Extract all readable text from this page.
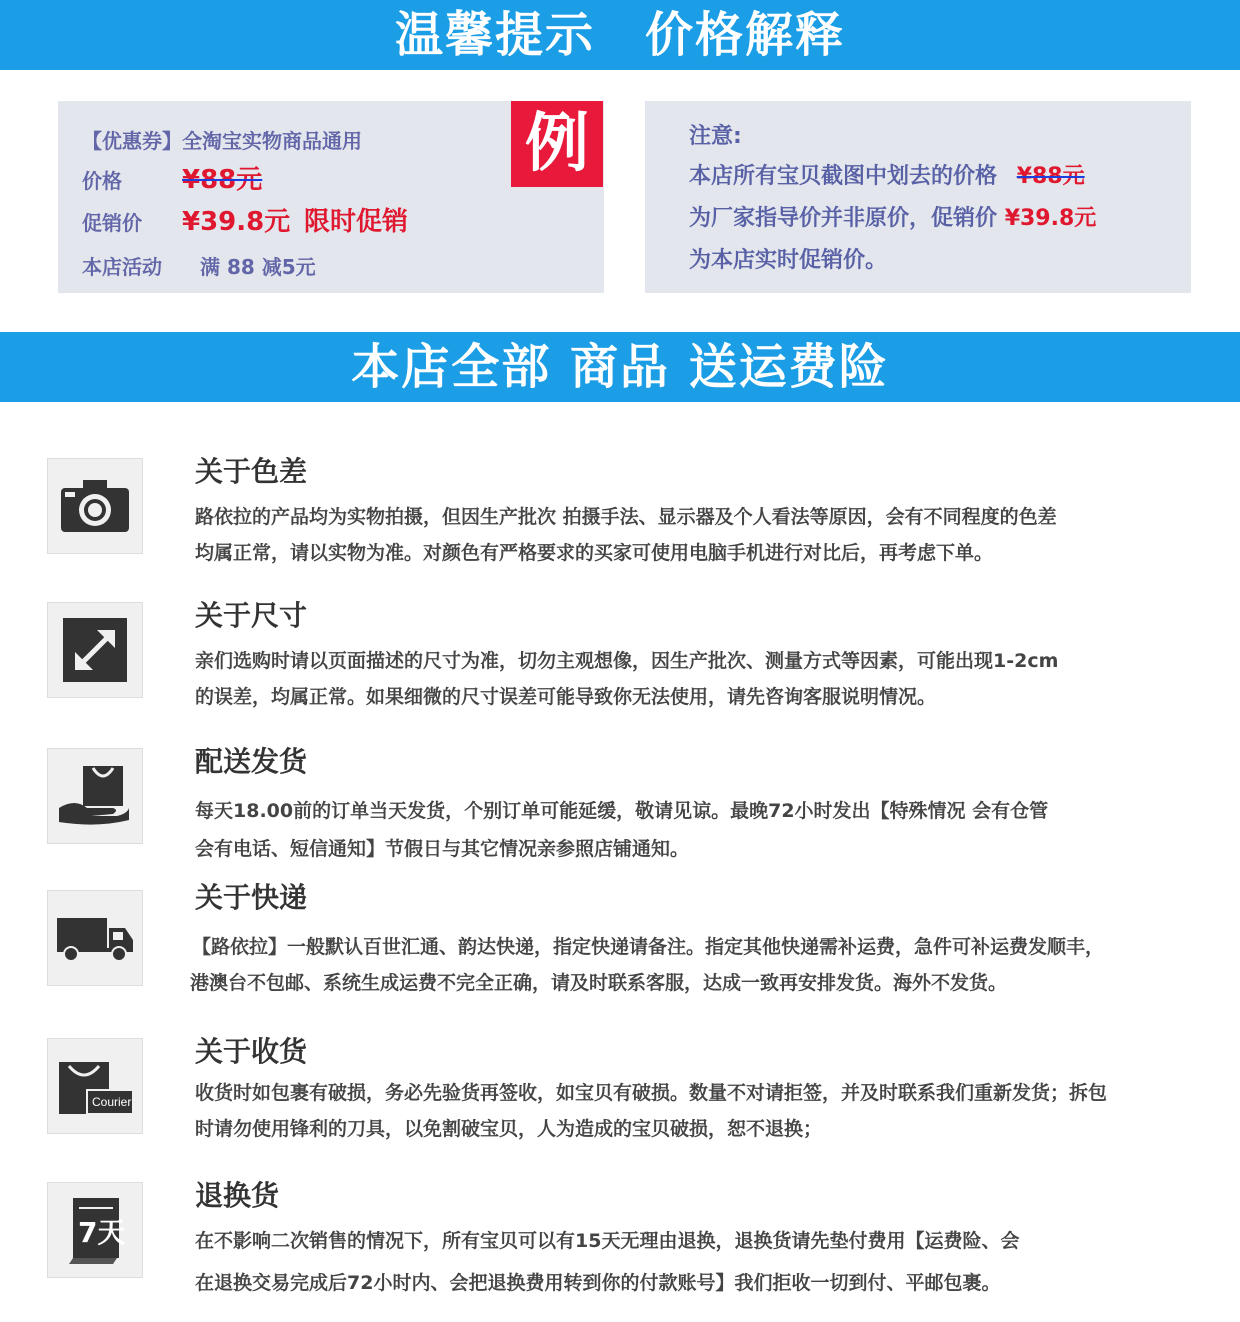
温馨提示　价格解释
【优惠券】全淘宝实物商品通用
价格 ¥88元
促销价 ¥39.8元 限时促销
本店活动 满 88 减5元
例	注意:
本店所有宝贝截图中划去的价格 ¥88元
为厂家指导价并非原价，促销价 ¥39.8元
为本店实时促销价。
本店全部 商品 送运费险
关于色差
路依拉的产品均为实物拍摄，但因生产批次 拍摄手法、显示器及个人看法等原因，会有不同程度的色差
均属正常，请以实物为准。对颜色有严格要求的买家可使用电脑手机进行对比后，再考虑下单。
关于尺寸
亲们选购时请以页面描述的尺寸为准，切勿主观想像，因生产批次、测量方式等因素，可能出现1-2cm
的误差，均属正常。如果细微的尺寸误差可能导致你无法使用，请先咨询客服说明情况。
配送发货
每天18.00前的订单当天发货，个别订单可能延缓，敬请见谅。最晚72小时发出【特殊情况 会有仓管
会有电话、短信通知】节假日与其它情况亲参照店铺通知。
关于快递
【路依拉】一般默认百世汇通、韵达快递，指定快递请备注。指定其他快递需补运费，急件可补运费发顺丰，
港澳台不包邮、系统生成运费不完全正确，请及时联系客服，达成一致再安排发货。海外不发货。
Courier
关于收货
收货时如包裹有破损，务必先验货再签收，如宝贝有破损。数量不对请拒签，并及时联系我们重新发货；拆包
时请勿使用锋利的刀具，以免割破宝贝，人为造成的宝贝破损，恕不退换；
7天
退换货
在不影响二次销售的情况下，所有宝贝可以有15天无理由退换，退换货请先垫付费用【运费险、会
在退换交易完成后72小时内、会把退换费用转到你的付款账号】我们拒收一切到付、平邮包裹。
